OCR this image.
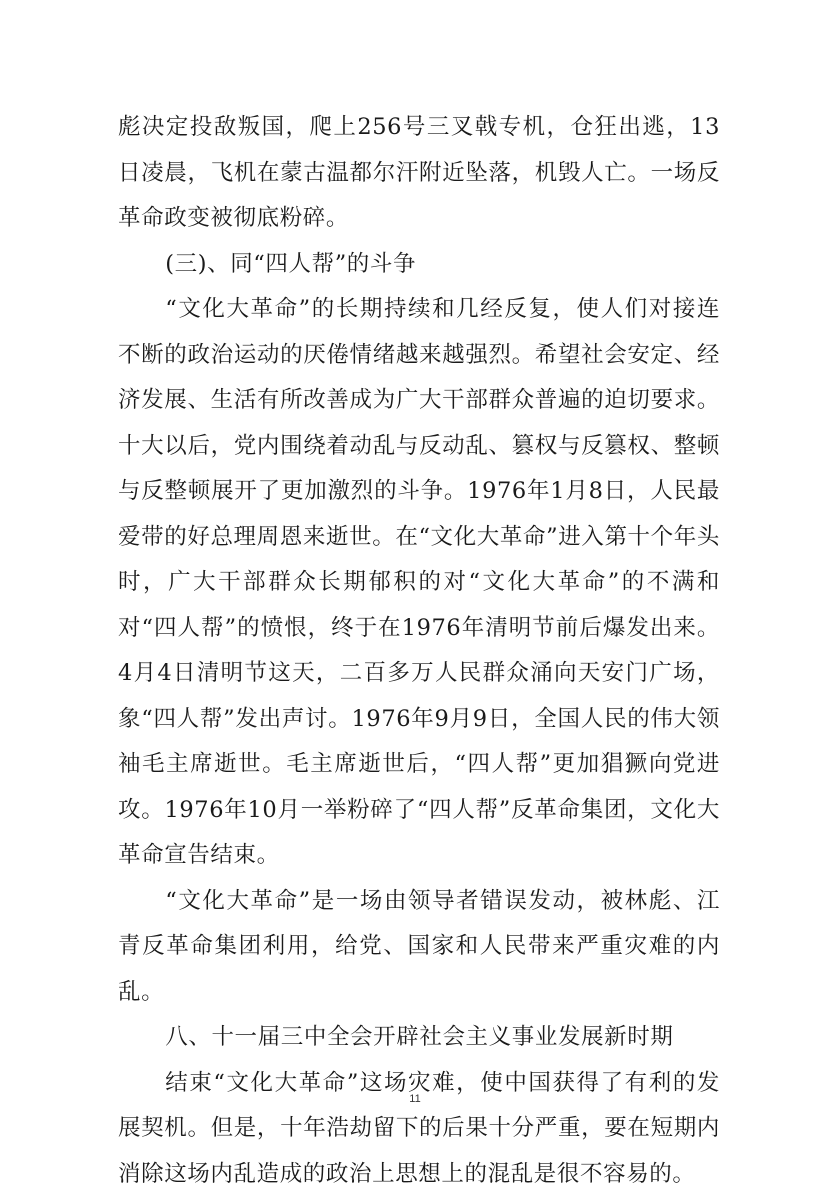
彪决定投敌叛国，爬上256号三叉戟专机，仓狂出逃，13日凌晨，飞机在蒙古温都尔汗附近坠落，机毁人亡。一场反革命政变被彻底粉碎。

(三)、同“四人帮”的斗争

“文化大革命”的长期持续和几经反复，使人们对接连不断的政治运动的厌倦情绪越来越强烈。希望社会安定、经济发展、生活有所改善成为广大干部群众普遍的迫切要求。十大以后，党内围绕着动乱与反动乱、篡权与反篡权、整顿与反整顿展开了更加激烈的斗争。1976年1月8日，人民最爱带的好总理周恩来逝世。在“文化大革命”进入第十个年头时，广大干部群众长期郁积的对“文化大革命”的不满和对“四人帮”的愤恨，终于在1976年清明节前后爆发出来。4月4日清明节这天，二百多万人民群众涌向天安门广场，象“四人帮”发出声讨。1976年9月9日，全国人民的伟大领袖毛主席逝世。毛主席逝世后，“四人帮”更加猖獗向党进攻。1976年10月一举粉碎了“四人帮”反革命集团，文化大革命宣告结束。

“文化大革命”是一场由领导者错误发动，被林彪、江青反革命集团利用，给党、国家和人民带来严重灾难的内乱。

八、十一届三中全会开辟社会主义事业发展新时期

结束“文化大革命”这场灾难，使中国获得了有利的发展契机。但是，十年浩劫留下的后果十分严重，要在短期内消除这场内乱造成的政治上思想上的混乱是很不容易的。

11
